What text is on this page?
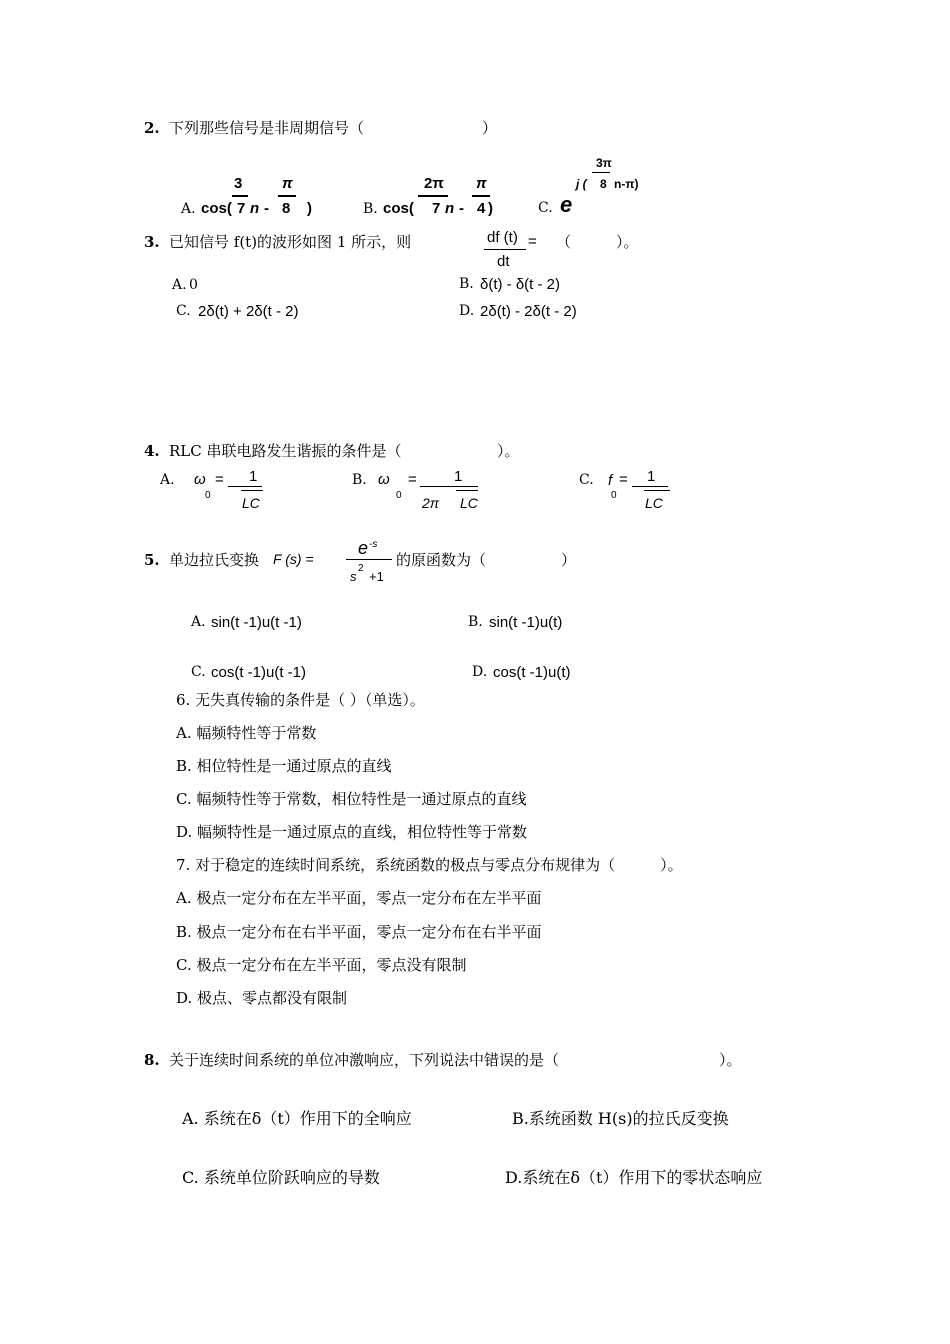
2. 下列那些信号是非周期信号（	）
A. cos(
3
7 n -
π
8 )	B. cos(
2π
7 n -
π
4 )	C. e
j (
3π
8 n-π)
3. 已知信号 f(t)的波形如图 1 所示，则	df (t)
dt
= （　　　）。
A. 0	B. δ(t) - δ(t - 2)
C. 2δ(t) + 2δ(t - 2)	D. 2δ(t) - 2δ(t - 2)
4. RLC 串联电路发生谐振的条件是（	）。
A. ω
0
= 1
LC
B. ω
0
= 1
2π LC
C. f
0
= 1
LC
5. 单边拉氏变换 F (s) =
e -s
s
2
+1
的原函数为（	）
A. sin(t -1)u(t -1)	B. sin(t -1)u(t)
C. cos(t -1)u(t -1)	D. cos(t -1)u(t)
6. 无失真传输的条件是（ ）（单选）。
A. 幅频特性等于常数
B. 相位特性是一通过原点的直线
C. 幅频特性等于常数，相位特性是一通过原点的直线
D. 幅频特性是一通过原点的直线，相位特性等于常数
7. 对于稳定的连续时间系统，系统函数的极点与零点分布规律为（　　　）。
A. 极点一定分布在左半平面，零点一定分布在左半平面
B. 极点一定分布在右半平面，零点一定分布在右半平面
C. 极点一定分布在左半平面，零点没有限制
D. 极点、零点都没有限制
8. 关于连续时间系统的单位冲激响应，下列说法中错误的是（	）。
A. 系统在δ（t）作用下的全响应	B.系统函数 H(s)的拉氏反变换
C. 系统单位阶跃响应的导数	D.系统在δ（t）作用下的零状态响应
